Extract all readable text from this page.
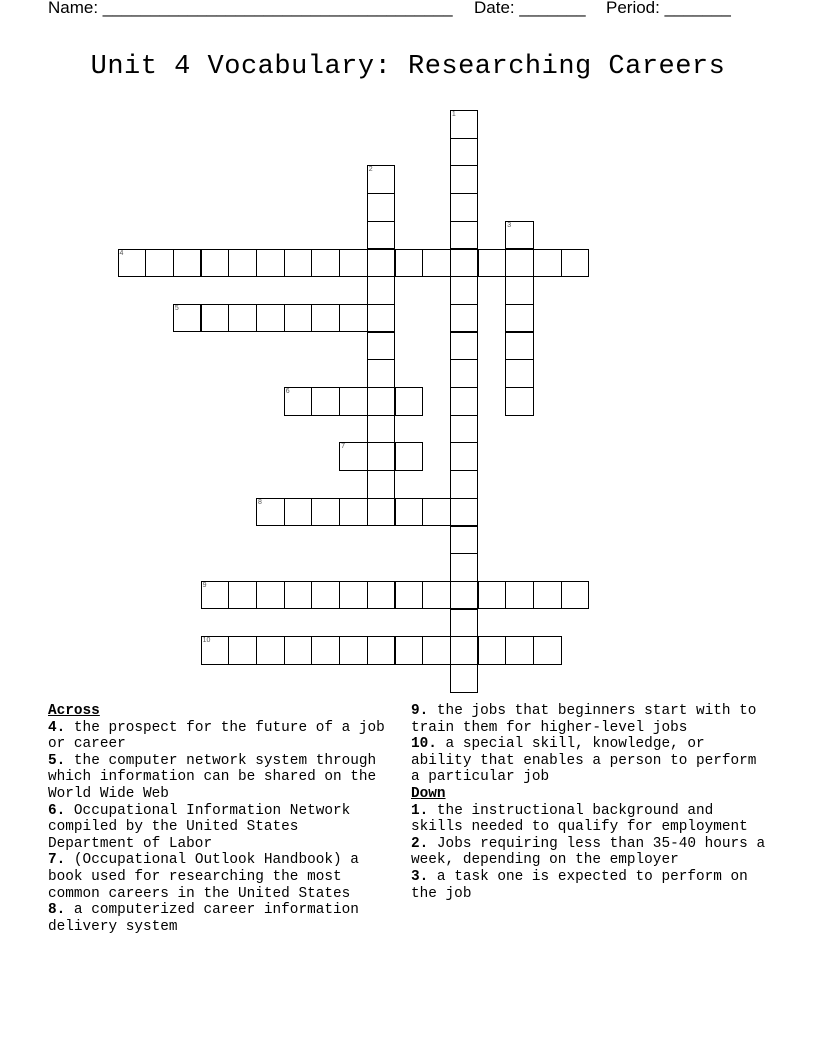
Name: _____________________________________ Date: _______ Period: _______
Unit 4 Vocabulary: Researching Careers
1
2
3
4
5
6
7
8
9
10
Across
4. the prospect for the future of a job or career
5. the computer network system through which information can be shared on the World Wide Web
6. Occupational Information Network compiled by the United States Department of Labor
7. (Occupational Outlook Handbook) a book used for researching the most common careers in the United States
8. a computerized career information delivery system
9. the jobs that beginners start with to train them for higher-level jobs
10. a special skill, knowledge, or ability that enables a person to perform a particular job
Down
1. the instructional background and skills needed to qualify for employment
2. Jobs requiring less than 35-40 hours a week, depending on the employer
3. a task one is expected to perform on the job
